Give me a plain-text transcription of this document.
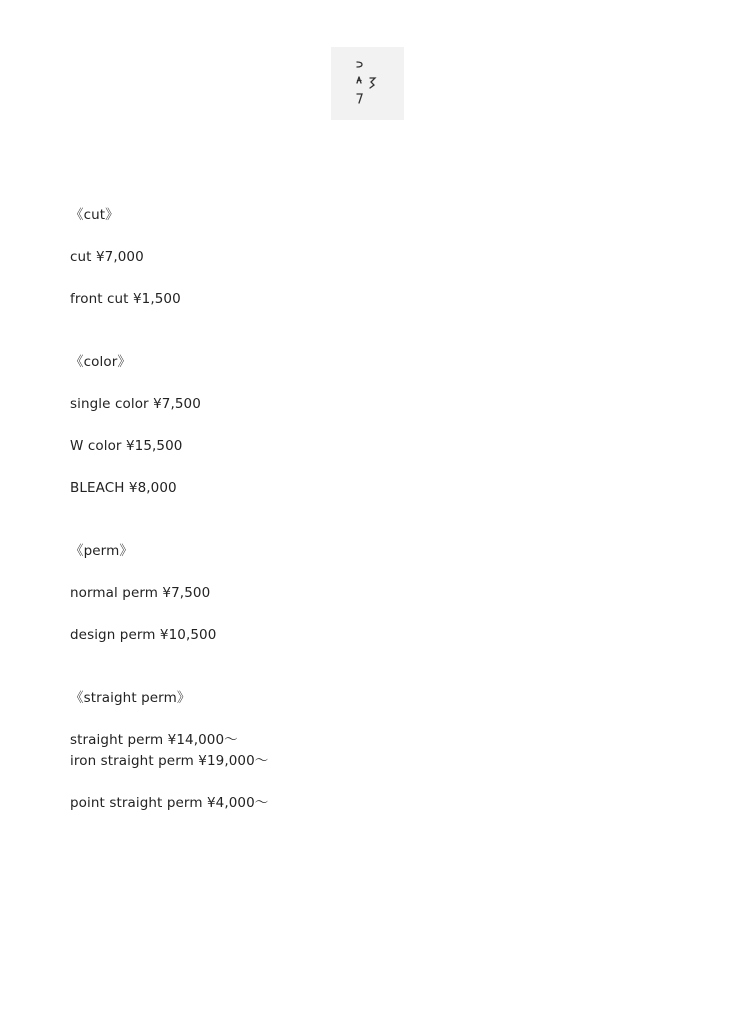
《cut》

cut ¥7,000

front cut ¥1,500

《color》

single color ¥7,500

W color ¥15,500

BLEACH ¥8,000

《perm》

normal perm ¥7,500

design perm ¥10,500

《straight perm》

straight perm ¥14,000～

iron straight perm ¥19,000～

point straight perm ¥4,000～
